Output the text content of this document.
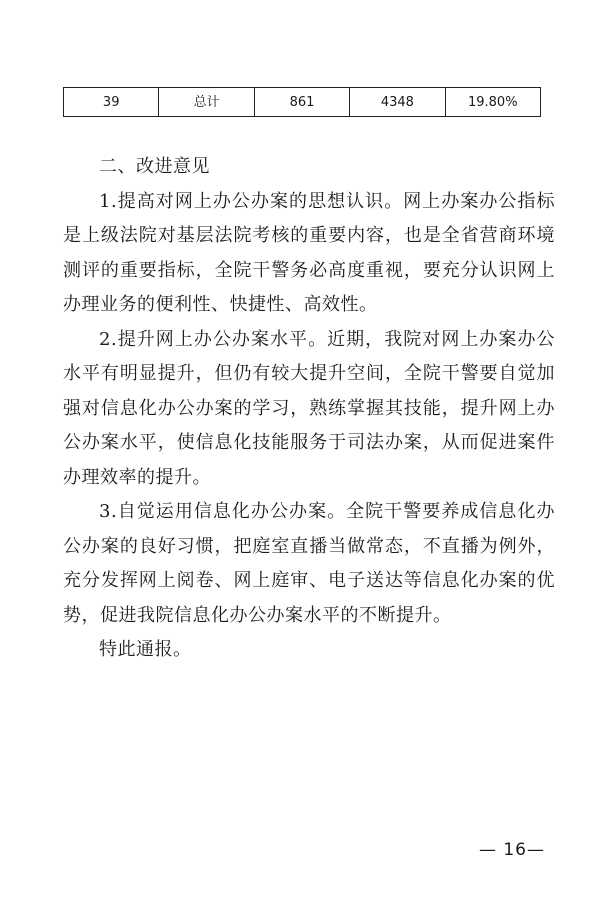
39	总计	861	4348	19.80%

二、改进意见

1.提高对网上办公办案的思想认识。网上办案办公指标是上级法院对基层法院考核的重要内容，也是全省营商环境测评的重要指标，全院干警务必高度重视，要充分认识网上办理业务的便利性、快捷性、高效性。

2.提升网上办公办案水平。近期，我院对网上办案办公水平有明显提升，但仍有较大提升空间，全院干警要自觉加强对信息化办公办案的学习，熟练掌握其技能，提升网上办公办案水平，使信息化技能服务于司法办案，从而促进案件办理效率的提升。

3.自觉运用信息化办公办案。全院干警要养成信息化办公办案的良好习惯，把庭室直播当做常态，不直播为例外，充分发挥网上阅卷、网上庭审、电子送达等信息化办案的优势，促进我院信息化办公办案水平的不断提升。

特此通报。

— 16—
